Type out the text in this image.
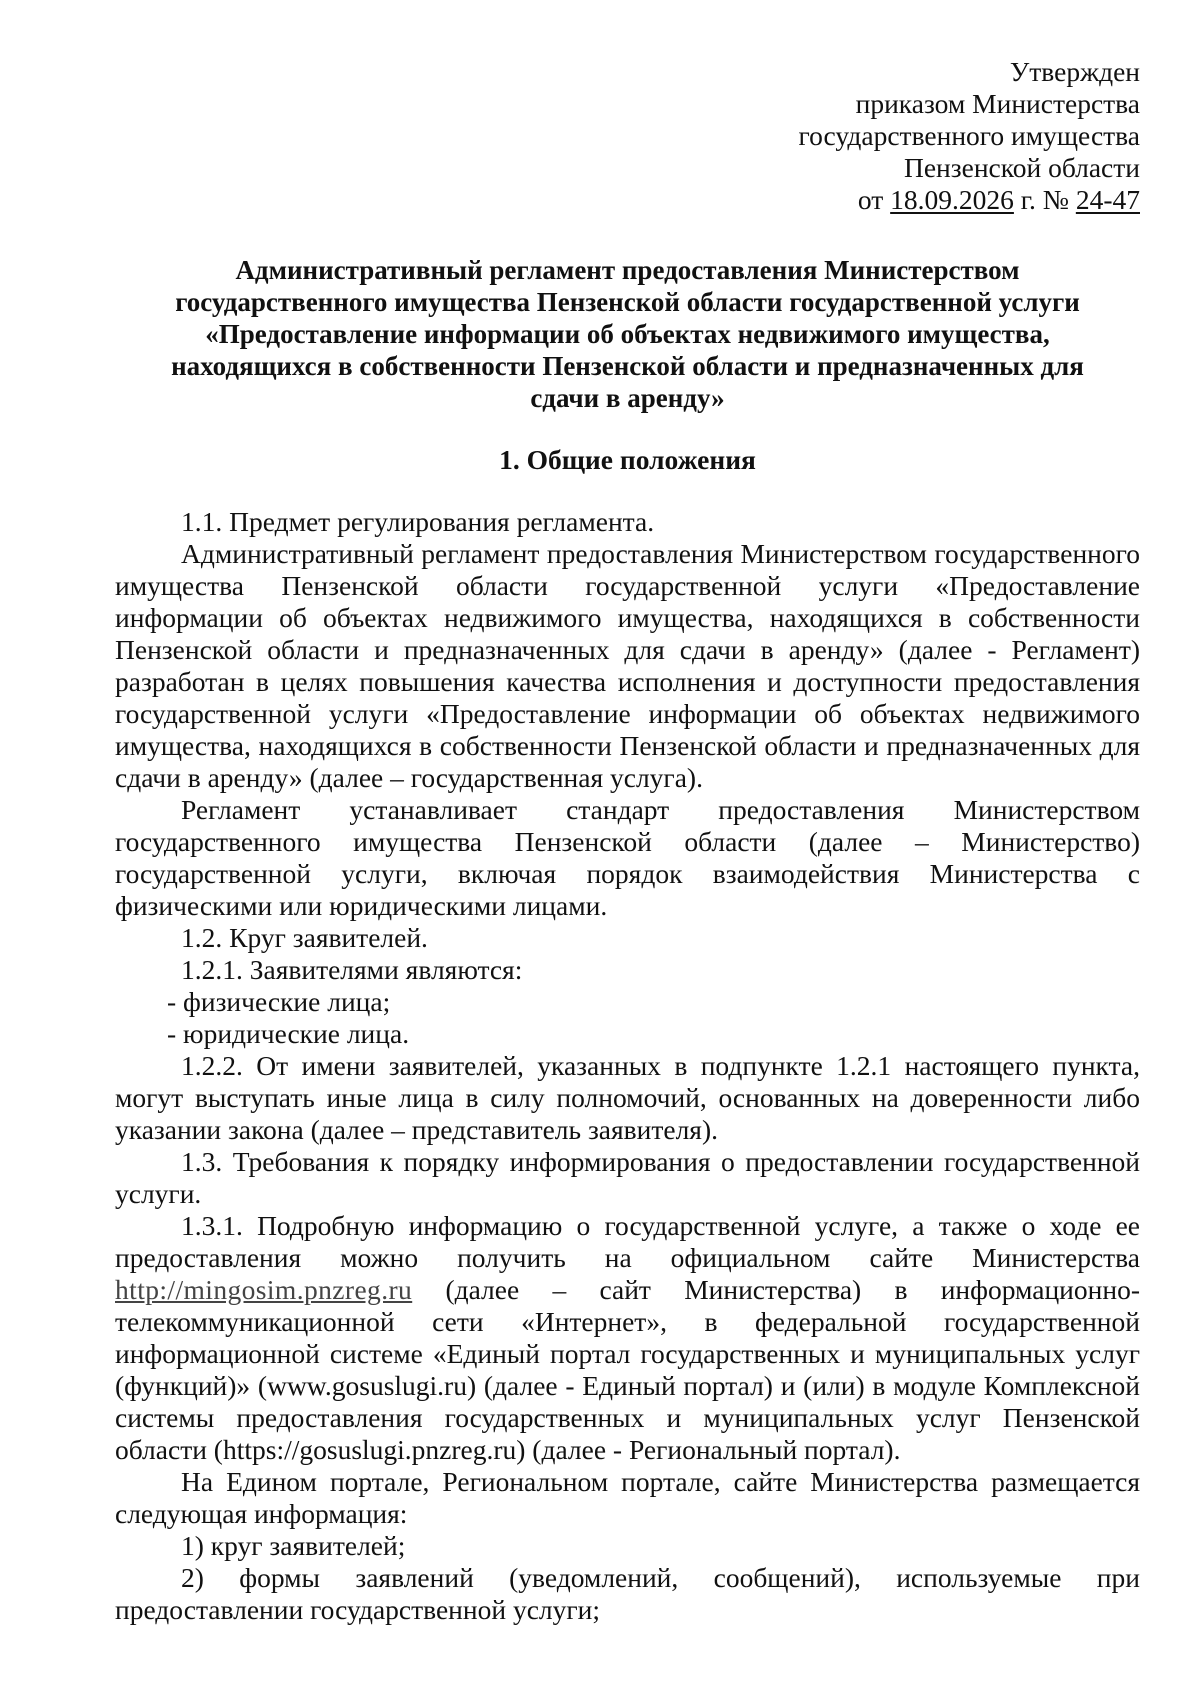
Утвержден

приказом Министерства

государственного имущества

Пензенской области

от 18.09.2026 г. № 24-47

Административный регламент предоставления Министерством

государственного имущества Пензенской области государственной услуги

«Предоставление информации об объектах недвижимого имущества,

находящихся в собственности Пензенской области и предназначенных для

сдачи в аренду»

1. Общие положения

1.1. Предмет регулирования регламента.

Административный регламент предоставления Министерством государственного имущества Пензенской области государственной услуги «Предоставление информации об объектах недвижимого имущества, находящихся в собственности Пензенской области и предназначенных для сдачи в аренду» (далее - Регламент) разработан в целях повышения качества исполнения и доступности предоставления государственной услуги «Предоставление информации об объектах недвижимого имущества, находящихся в собственности Пензенской области и предназначенных для сдачи в аренду» (далее – государственная услуга).

Регламент устанавливает стандарт предоставления Министерством государственного имущества Пензенской области (далее – Министерство) государственной услуги, включая порядок взаимодействия Министерства с физическими или юридическими лицами.

1.2. Круг заявителей.

1.2.1. Заявителями являются:

- физические лица;

- юридические лица.

1.2.2. От имени заявителей, указанных в подпункте 1.2.1 настоящего пункта, могут выступать иные лица в силу полномочий, основанных на доверенности либо указании закона (далее – представитель заявителя).

1.3. Требования к порядку информирования о предоставлении государственной услуги.

1.3.1. Подробную информацию о государственной услуге, а также о ходе ее предоставления можно получить на официальном сайте Министерства http://mingosim.pnzreg.ru (далее – сайт Министерства) в информационно-телекоммуникационной сети «Интернет», в федеральной государственной информационной системе «Единый портал государственных и муниципальных услуг (функций)» (www.gosuslugi.ru) (далее - Единый портал) и (или) в модуле Комплексной системы предоставления государственных и муниципальных услуг Пензенской области (https://gosuslugi.pnzreg.ru) (далее - Региональный портал).

На Едином портале, Региональном портале, сайте Министерства размещается следующая информация:

1) круг заявителей;

2) формы заявлений (уведомлений, сообщений), используемые при предоставлении государственной услуги;
